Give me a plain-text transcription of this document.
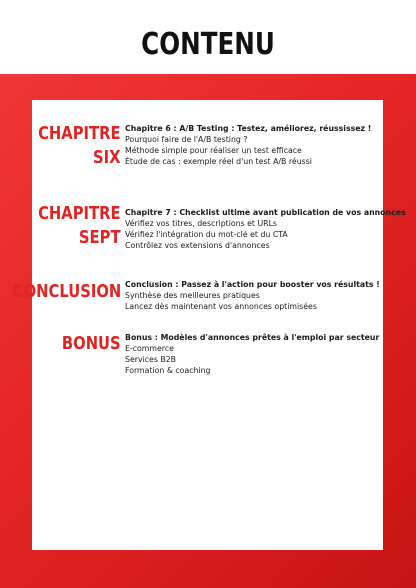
CONTENU
CHAPITRE
SIX
Chapitre 6 : A/B Testing : Testez, améliorez, réussissez !
Pourquoi faire de l'A/B testing ?
Méthode simple pour réaliser un test efficace
Étude de cas : exemple réel d'un test A/B réussi
CHAPITRE
SEPT
Chapitre 7 : Checklist ultime avant publication de vos annonces
Vérifiez vos titres, descriptions et URLs
Vérifiez l'intégration du mot-clé et du CTA
Contrôlez vos extensions d'annonces
CONCLUSION Conclusion : Passez à l'action pour booster vos résultats !
Synthèse des meilleures pratiques
Lancez dès maintenant vos annonces optimisées
BONUS Bonus : Modèles d'annonces prêtes à l'emploi par secteur
E-commerce
Services B2B
Formation & coaching
